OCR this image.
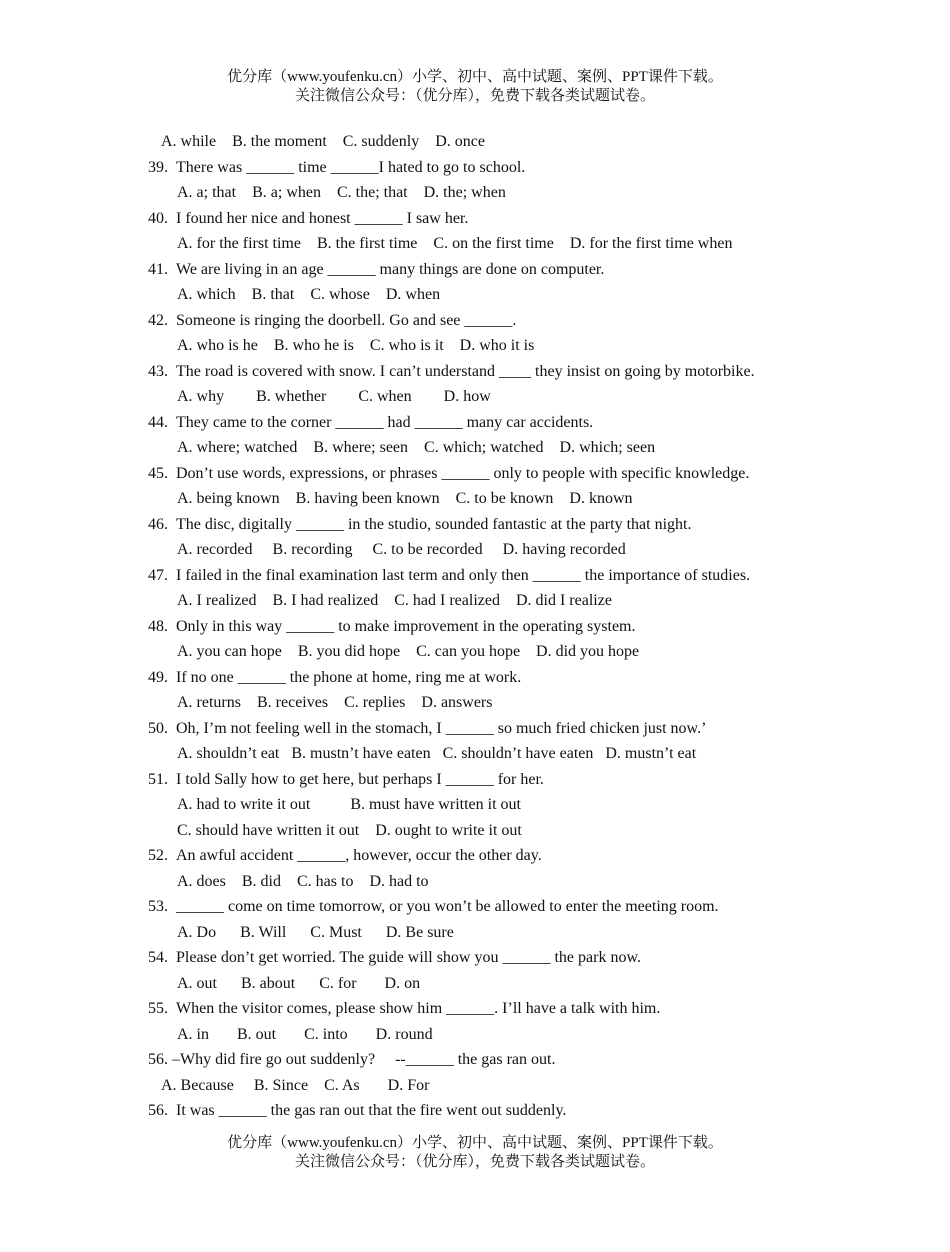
优分库（www.youfenku.cn）小学、初中、高中试题、案例、PPT课件下载。
关注微信公众号：（优分库），免费下载各类试题试卷。
A. while    B. the moment    C. suddenly    D. once
39. There was ______ time ______I hated to go to school.
A. a; that    B. a; when    C. the; that    D. the; when
40. I found her nice and honest ______ I saw her.
A. for the first time    B. the first time    C. on the first time    D. for the first time when
41. We are living in an age ______ many things are done on computer.
A. which    B. that    C. whose    D. when
42. Someone is ringing the doorbell. Go and see ______.
A. who is he    B. who he is    C. who is it    D. who it is
43. The road is covered with snow. I can’t understand ____ they insist on going by motorbike.
A. why        B. whether        C. when        D. how
44. They came to the corner ______ had ______ many car accidents.
A. where; watched    B. where; seen    C. which; watched    D. which; seen
45. Don’t use words, expressions, or phrases ______ only to people with specific knowledge.
A. being known    B. having been known    C. to be known    D. known
46. The disc, digitally ______ in the studio, sounded fantastic at the party that night.
A. recorded     B. recording     C. to be recorded     D. having recorded
47. I failed in the final examination last term and only then ______ the importance of studies.
A. I realized    B. I had realized    C. had I realized    D. did I realize
48. Only in this way ______ to make improvement in the operating system.
A. you can hope    B. you did hope    C. can you hope    D. did you hope
49. If no one ______ the phone at home, ring me at work.
A. returns    B. receives    C. replies    D. answers
50. Oh, I’m not feeling well in the stomach, I ______ so much fried chicken just now.’
A. shouldn’t eat   B. mustn’t have eaten   C. shouldn’t have eaten   D. mustn’t eat
51. I told Sally how to get here, but perhaps I ______ for her.
A. had to write it out          B. must have written it out
C. should have written it out    D. ought to write it out
52. An awful accident ______, however, occur the other day.
A. does    B. did    C. has to    D. had to
53. ______ come on time tomorrow, or you won’t be allowed to enter the meeting room.
A. Do      B. Will      C. Must      D. Be sure
54. Please don’t get worried. The guide will show you ______ the park now.
A. out      B. about      C. for       D. on
55. When the visitor comes, please show him ______. I’ll have a talk with him.
A. in       B. out       C. into       D. round
56. –Why did fire go out suddenly?     --______ the gas ran out.
A. Because     B. Since    C. As       D. For
56. It was ______ the gas ran out that the fire went out suddenly.
优分库（www.youfenku.cn）小学、初中、高中试题、案例、PPT课件下载。
关注微信公众号：（优分库），免费下载各类试题试卷。
